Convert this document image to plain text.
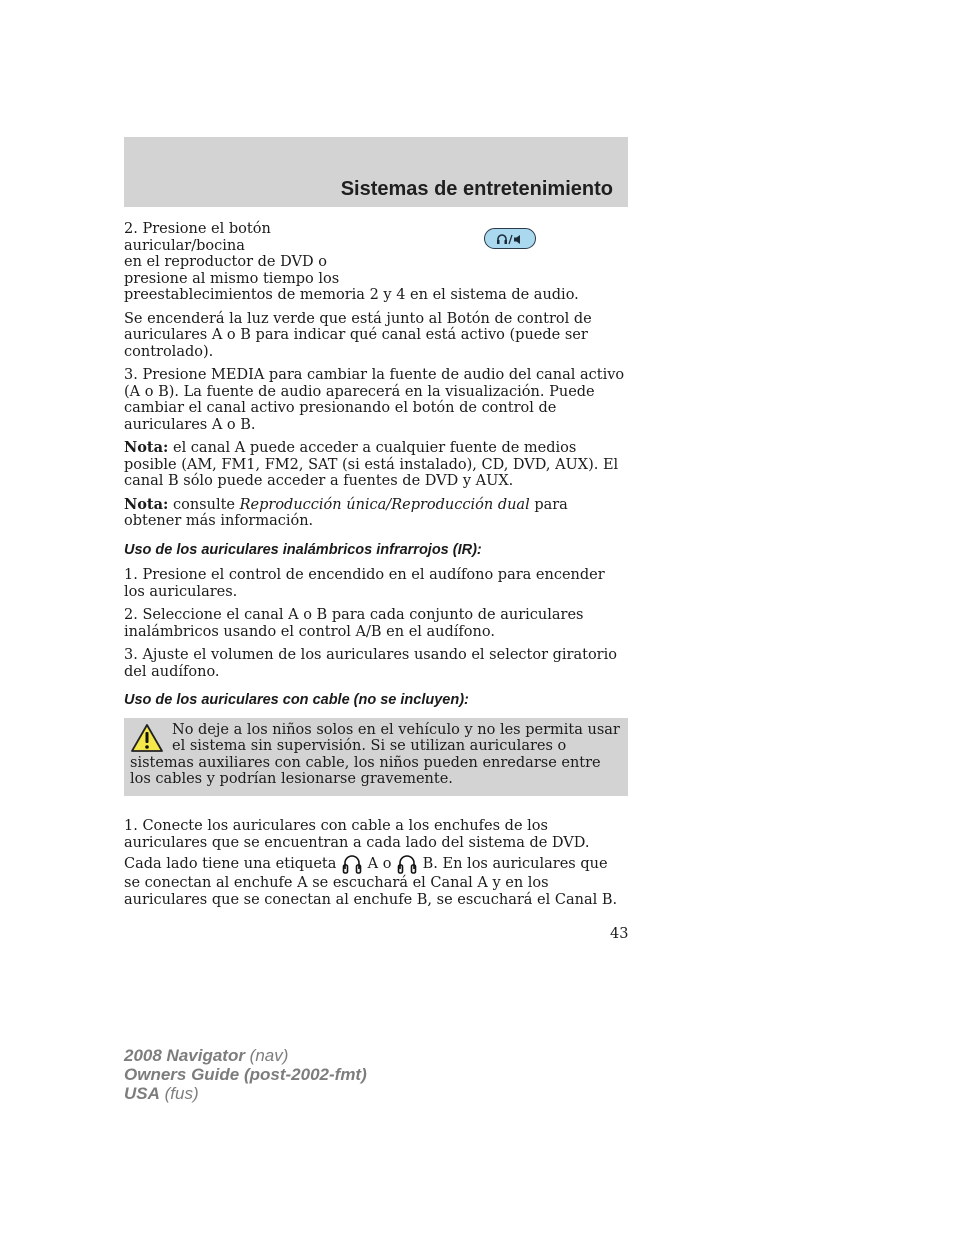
Sistemas de entretenimiento

2. Presione el botón auricular/bocina
en el reproductor de DVD o
presione al mismo tiempo los
preestablecimientos de memoria 2 y 4 en el sistema de audio.

Se encenderá la luz verde que está junto al Botón de control de auriculares A o B para indicar qué canal está activo (puede ser controlado).

3. Presione MEDIA para cambiar la fuente de audio del canal activo (A o B). La fuente de audio aparecerá en la visualización. Puede cambiar el canal activo presionando el botón de control de auriculares A o B.

Nota: el canal A puede acceder a cualquier fuente de medios posible (AM, FM1, FM2, SAT (si está instalado), CD, DVD, AUX). El canal B sólo puede acceder a fuentes de DVD y AUX.

Nota: consulte Reproducción única/Reproducción dual para obtener más información.

Uso de los auriculares inalámbricos infrarrojos (IR):

1. Presione el control de encendido en el audífono para encender los auriculares.

2. Seleccione el canal A o B para cada conjunto de auriculares inalámbricos usando el control A/B en el audífono.

3. Ajuste el volumen de los auriculares usando el selector giratorio del audífono.

Uso de los auriculares con cable (no se incluyen):
No deje a los niños solos en el vehículo y no les permita usar el sistema sin supervisión. Si se utilizan auriculares o sistemas auxiliares con cable, los niños pueden enredarse entre los cables y podrían lesionarse gravemente.

1. Conecte los auriculares con cable a los enchufes de los auriculares que se encuentran a cada lado del sistema de DVD. Cada lado tiene una etiqueta  A o  B. En los auriculares que se conectan al enchufe A se escuchará el Canal A y en los auriculares que se conectan al enchufe B, se escuchará el Canal B.

43
2008 Navigator (nav)
Owners Guide (post-2002-fmt)
USA (fus)
